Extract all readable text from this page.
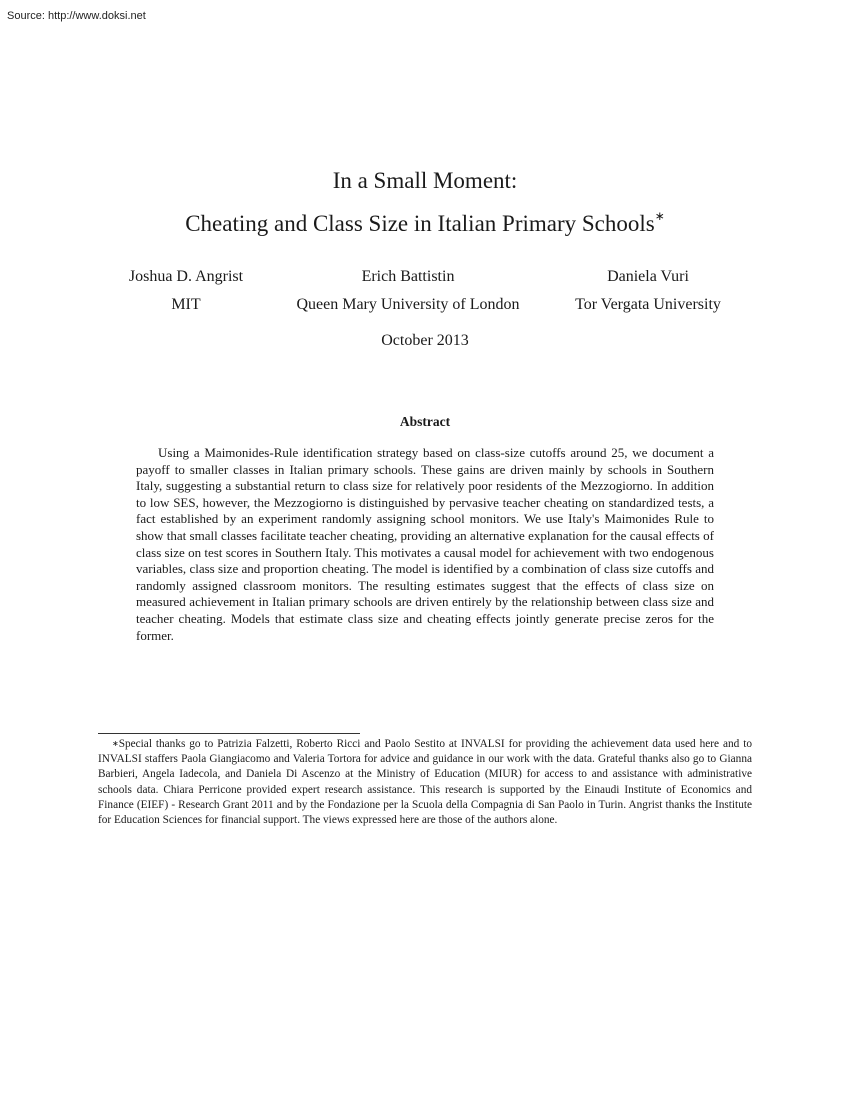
Source: http://www.doksi.net
In a Small Moment:
Cheating and Class Size in Italian Primary Schools∗
Joshua D. Angrist	Erich Battistin	Daniela Vuri
MIT	Queen Mary University of London	Tor Vergata University
October 2013
Abstract

Using a Maimonides-Rule identification strategy based on class-size cutoffs around 25, we document a payoff to smaller classes in Italian primary schools. These gains are driven mainly by schools in Southern Italy, suggesting a substantial return to class size for relatively poor residents of the Mezzogiorno. In addition to low SES, however, the Mezzogiorno is distinguished by pervasive teacher cheating on standardized tests, a fact established by an experiment randomly assigning school monitors. We use Italy's Maimonides Rule to show that small classes facilitate teacher cheating, providing an alternative explanation for the causal effects of class size on test scores in Southern Italy. This motivates a causal model for achievement with two endogenous variables, class size and proportion cheating. The model is identified by a combination of class size cutoffs and randomly assigned classroom monitors. The resulting estimates suggest that the effects of class size on measured achievement in Italian primary schools are driven entirely by the relationship between class size and teacher cheating. Models that estimate class size and cheating effects jointly generate precise zeros for the former.

∗Special thanks go to Patrizia Falzetti, Roberto Ricci and Paolo Sestito at INVALSI for providing the achievement data used here and to INVALSI staffers Paola Giangiacomo and Valeria Tortora for advice and guidance in our work with the data. Grateful thanks also go to Gianna Barbieri, Angela Iadecola, and Daniela Di Ascenzo at the Ministry of Education (MIUR) for access to and assistance with administrative schools data. Chiara Perricone provided expert research assistance. This research is supported by the Einaudi Institute of Economics and Finance (EIEF) - Research Grant 2011 and by the Fondazione per la Scuola della Compagnia di San Paolo in Turin. Angrist thanks the Institute for Education Sciences for financial support. The views expressed here are those of the authors alone.
